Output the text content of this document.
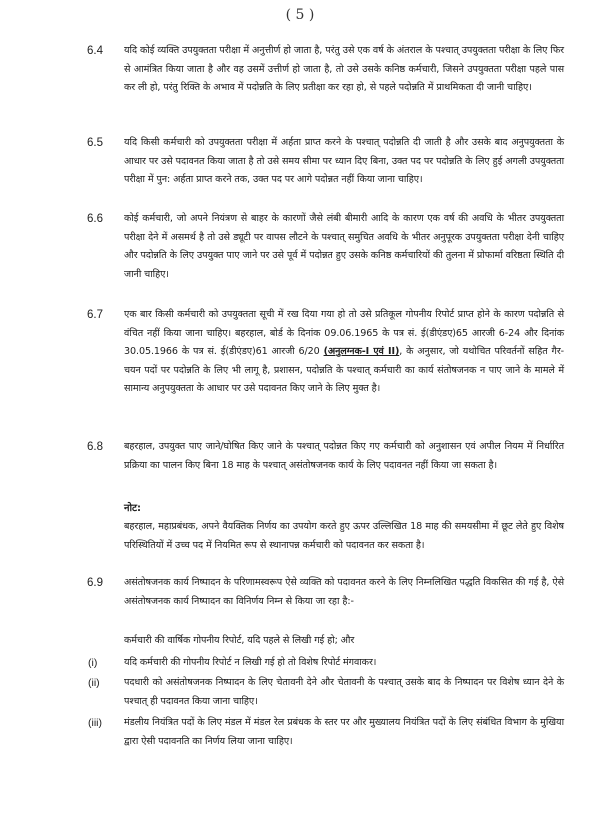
( 5 )
6.4 यदि कोई व्यक्ति उपयुक्तता परीक्षा में अनुत्तीर्ण हो जाता है, परंतु उसे एक वर्ष के अंतराल के पश्चात् उपयुक्तता परीक्षा के लिए फिर से आमंत्रित किया जाता है और वह उसमें उत्तीर्ण हो जाता है, तो उसे उसके कनिष्ठ कर्मचारी, जिसने उपयुक्तता परीक्षा पहले पास कर ली हो, परंतु रिक्ति के अभाव में पदोन्नति के लिए प्रतीक्षा कर रहा हो, से पहले पदोन्नति में प्राथमिकता दी जानी चाहिए।
6.5 यदि किसी कर्मचारी को उपयुक्तता परीक्षा में अर्हता प्राप्त करने के पश्चात् पदोन्नति दी जाती है और उसके बाद अनुपयुक्तता के आधार पर उसे पदावनत किया जाता है तो उसे समय सीमा पर ध्यान दिए बिना, उक्त पद पर पदोन्नति के लिए हुई अगली उपयुक्तता परीक्षा में पुन: अर्हता प्राप्त करने तक, उक्त पद पर आगे पदोन्नत नहीं किया जाना चाहिए।
6.6 कोई कर्मचारी, जो अपने नियंत्रण से बाहर के कारणों जैसे लंबी बीमारी आदि के कारण एक वर्ष की अवधि के भीतर उपयुक्तता परीक्षा देने में असमर्थ है तो उसे ड्यूटी पर वापस लौटने के पश्चात् समुचित अवधि के भीतर अनुपूरक उपयुक्तता परीक्षा देनी चाहिए और पदोन्नति के लिए उपयुक्त पाए जाने पर उसे पूर्व में पदोन्नत हुए उसके कनिष्ठ कर्मचारियों की तुलना में प्रोफार्मा वरिष्ठता स्थिति दी जानी चाहिए।
6.7 एक बार किसी कर्मचारी को उपयुक्तता सूची में रख दिया गया हो तो उसे प्रतिकूल गोपनीय रिपोर्ट प्राप्त होने के कारण पदोन्नति से वंचित नहीं किया जाना चाहिए। बहरहाल, बोर्ड के दिनांक 09.06.1965 के पत्र सं. ई(डीएंडए)65 आरजी 6-24 और दिनांक 30.05.1966 के पत्र सं. ई(डीएंडए)61 आरजी 6/20 (अनुलग्नक-I एवं II), के अनुसार, जो यथोचित परिवर्तनों सहित गैर-चयन पदों पर पदोन्नति के लिए भी लागू है, प्रशासन, पदोन्नति के पश्चात् कर्मचारी का कार्य संतोषजनक न पाए जाने के मामले में सामान्य अनुपयुक्तता के आधार पर उसे पदावनत किए जाने के लिए मुक्त है।
6.8 बहरहाल, उपयुक्त पाए जाने/घोषित किए जाने के पश्चात् पदोन्नत किए गए कर्मचारी को अनुशासन एवं अपील नियम में निर्धारित प्रक्रिया का पालन किए बिना 18 माह के पश्चात् असंतोषजनक कार्य के लिए पदावनत नहीं किया जा सकता है।
नोट:
बहरहाल, महाप्रबंधक, अपने वैयक्तिक निर्णय का उपयोग करते हुए ऊपर उल्लिखित 18 माह की समयसीमा में छूट लेते हुए विशेष परिस्थितियों में उच्च पद में नियमित रूप से स्थानापन्न कर्मचारी को पदावनत कर सकता है।
6.9 असंतोषजनक कार्य निष्पादन के परिणामस्वरूप ऐसे व्यक्ति को पदावनत करने के लिए निम्नलिखित पद्धति विकसित की गई है, ऐसे असंतोषजनक कार्य निष्पादन का विनिर्णय निम्न से किया जा रहा है:-
कर्मचारी की वार्षिक गोपनीय रिपोर्ट, यदि पहले से लिखी गई हो; और
(i)	यदि कर्मचारी की गोपनीय रिपोर्ट न लिखी गई हो तो विशेष रिपोर्ट मंगवाकर।
(ii)	पदधारी को असंतोषजनक निष्पादन के लिए चेतावनी देने और चेतावनी के पश्चात् उसके बाद के निष्पादन पर विशेष ध्यान देने के पश्चात् ही पदावनत किया जाना चाहिए।
(iii) मंडलीय नियंत्रित पदों के लिए मंडल में मंडल रेल प्रबंधक के स्तर पर और मुख्यालय नियंत्रित पदों के लिए संबंधित विभाग के मुखिया द्वारा ऐसी पदावनति का निर्णय लिया जाना चाहिए।
